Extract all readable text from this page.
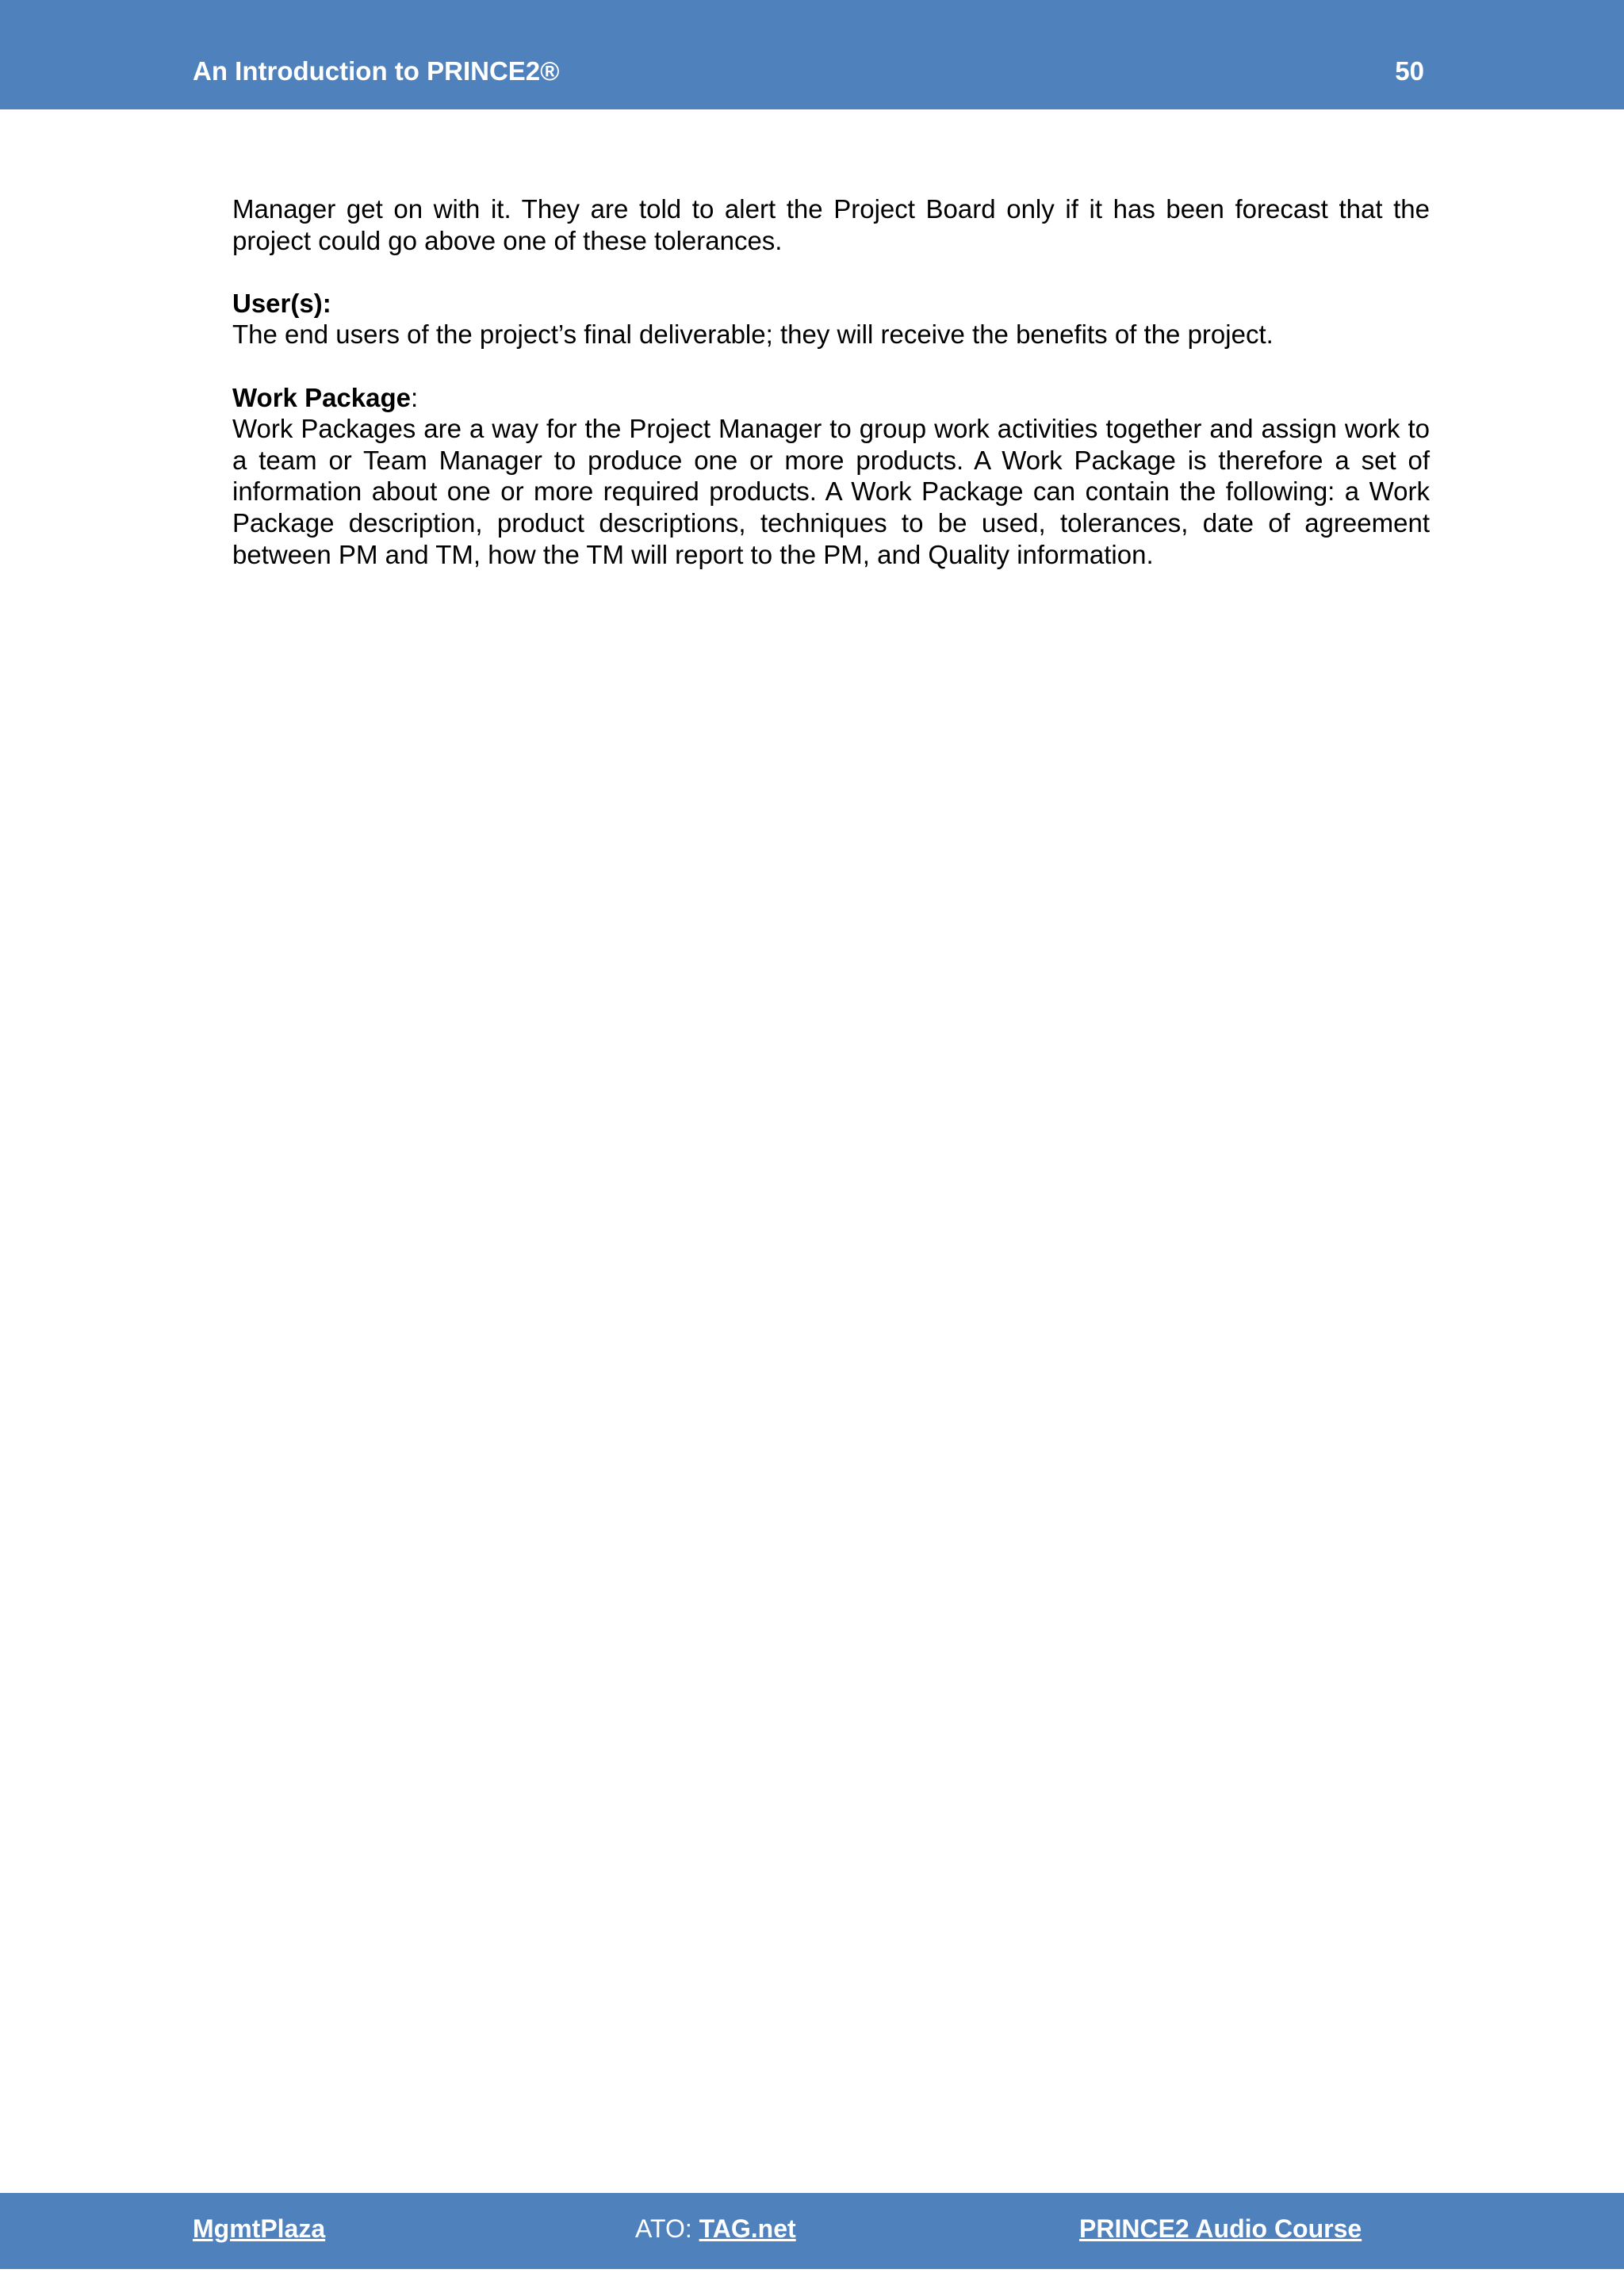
An Introduction to PRINCE2®	50

Manager get on with it. They are told to alert the Project Board only if it has been forecast that the project could go above one of these tolerances.

User(s):
The end users of the project’s final deliverable; they will receive the benefits of the project.
Work Package:
Work Packages are a way for the Project Manager to group work activities together and assign work to a team or Team Manager to produce one or more products. A Work Package is therefore a set of information about one or more required products. A Work Package can contain the following: a Work Package description, product descriptions, techniques to be used, tolerances, date of agreement between PM and TM, how the TM will report to the PM, and Quality information.
MgmtPlaza	ATO: TAG.net	PRINCE2 Audio Course
